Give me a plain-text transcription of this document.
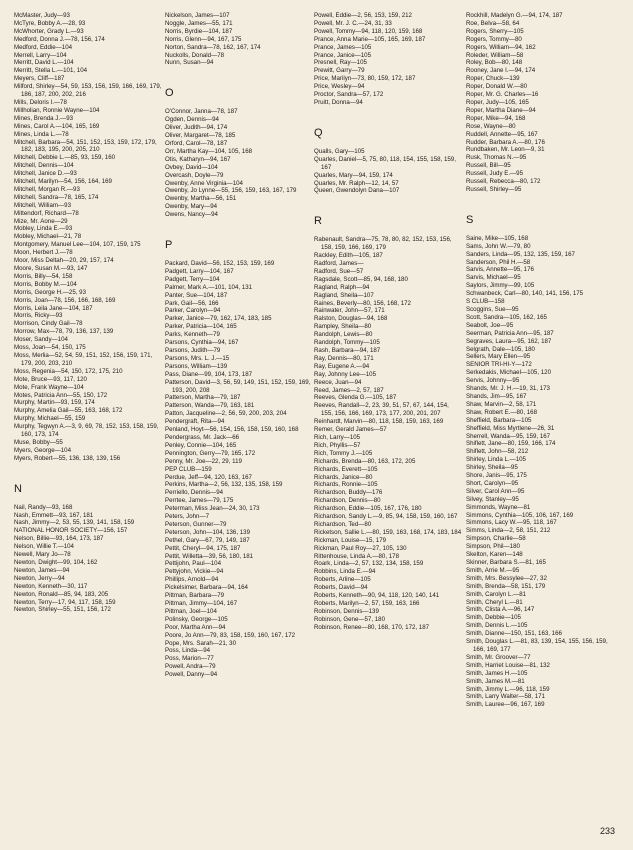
McMaster, Judy—93
McTyre, Bobby A.—28, 93
McWhorter, Grady L.—93
Medford, Donna J.—78, 156, 174
Medford, Eddie—104
Merrell, Larry—104
Merritt, David L.—104
Merritt, Stella L.—101, 104
Meyers, Cliff—187
Milford, Shirley—54, 59, 153, 156, 159, 166, 169, 179, 186, 187, 200, 202, 216
Mills, Deloris I.—78
Millholian, Ronnie Wayne—104
Mines, Brenda J.—93
Mines, Carol A.—104, 165, 169
Mines, Linda L.—78
Mitchell, Barbara—54, 151, 152, 153, 159, 172, 179, 182, 183, 195, 200, 205, 210
Mitchell, Debbie L.—85, 93, 159, 160
Mitchell, Dennis—104
Mitchell, Janice D.—93
Mitchell, Marilyn—54, 156, 164, 169
Mitchell, Morgan R.—93
Mitchell, Sandra—78, 165, 174
Mitchell, William—93
Mittendorf, Richard—78
Mize, Mr. Aone—29
Mobley, Linda E.—93
Mobley, Michael—21, 78
Montgomery, Manuel Lee—104, 107, 159, 175
Moon, Herbert J.—78
Moor, Miss Deltah—20, 29, 157, 174
Moore, Susan M.—93, 147
Morris, Billy—54, 158
Morris, Bobby M.—104
Morris, George H.—25, 93
Morris, Joan—78, 156, 166, 168, 169
Morris, Leila Jane—104, 187
Morris, Ricky—93
Morrison, Cindy Gail—78
Morrow, Max—78, 79, 136, 137, 139
Moser, Sandy—104
Moss, Joan—54, 150, 175
Moss, Merlia—52, 54, 59, 151, 152, 156, 159, 171, 179, 200, 203, 210
Moss, Regenia—54, 150, 172, 175, 210
Mote, Bruce—93, 117, 120
Mote, Frank Wayne—104
Motes, Patricia Ann—55, 150, 172
Murphy, Martin—93, 159, 174
Murphy, Amelia Gail—55, 163, 168, 172
Murphy, Michael—55, 159
Murphy, Tegwyn A.—3, 9, 69, 78, 152, 153, 158, 159, 160, 173, 174
Muse, Bobby—55
Myers, George—104
Myers, Robert—55, 136, 138, 139, 156
N
Nail, Randy—93, 168
Nash, Emmett—93, 167, 181
Nash, Jimmy—2, 53, 55, 139, 141, 158, 159
NATIONAL HONOR SOCIETY—156, 157
Nelson, Billie—93, 164, 173, 187
Nelson, Willie T.—104
Newell, Mary Jo—78
Newton, Dwight—99, 104, 162
Newton, James—94
Newton, Jerry—94
Newton, Kenneth—30, 117
Newton, Ronald—85, 94, 183, 205
Newton, Terry—17, 94, 117, 158, 159
Newton, Shirley—55, 151, 156, 172
Nickelson, James—107
Noggle, James—55, 171
Norris, Byrdie—104, 187
Norris, Glenn—94, 167, 175
Norton, Sandra—78, 162, 167, 174
Nuckolls, Donald—78
Nunn, Susan—94
O
O'Connor, Janna—78, 187
Ogden, Dennis—94
Oliver, Judith—94, 174
Oliver, Margaret—78, 185
Orford, Carol—78, 187
Orr, Martha Kay—104, 105, 168
Otis, Katharyn—94, 167
Ovbey, David—104
Overcash, Doyle—79
Owenby, Anne Virginia—104
Owenby, Jo Lynne—55, 156, 159, 163, 167, 179
Owenby, Martha—56, 151
Owenby, Mary—94
Owens, Nancy—94
P
Packard, David—56, 152, 153, 159, 169
Padgett, Larry—104, 167
Padgett, Terry—104
Palmer, Mark A.—101, 104, 131
Panter, Sue—104, 187
Park, Gail—56, 166
Parker, Carolyn—94
Parker, Janice—79, 162, 174, 183, 185
Parker, Patricia—104, 165
Parks, Kenneth—79
Parsons, Cynthia—94, 167
Parsons, Judith—79
Parsons, Mrs. L. J.—15
Parsons, William—139
Pass, Diane—99, 104, 173, 187
Patterson, David—3, 56, 59, 149, 151, 152, 159, 169, 193, 200, 208
Patterson, Martha—79, 187
Patterson, Wanda—79, 163, 181
Patton, Jacqueline—2, 56, 59, 200, 203, 204
Pendergraft, Rita—94
Penland, Hoyt—56, 154, 156, 158, 159, 160, 168
Pendergrass, Mr. Jack—66
Penley, Connie—104, 165
Pennington, Gerry—79, 165, 172
Penny, Mr. Joe—22, 29, 119
PEP CLUB—159
Perdue, Jeff—94, 120, 163, 167
Perkins, Martha—2, 56, 132, 135, 158, 159
Perriello, Dennis—94
Perrtee, James—79, 175
Peterman, Miss Jean—24, 30, 173
Peters, John—7
Peterson, Gunner—79
Peterson, John—104, 136, 139
Pethel, Gary—67, 79, 149, 187
Pettit, Cheryl—94, 175, 187
Pettit, Willetta—39, 56, 180, 181
Pettijohn, Paul—104
Pettyjohn, Vickie—94
Phillips, Arnold—94
Pickelsimer, Barbara—94, 164
Pittman, Barbara—79
Pittman, Jimmy—104, 167
Pittman, Joel—104
Polinsky, George—105
Poor, Martha Ann—94
Poore, Jo Ann—79, 83, 158, 159, 160, 167, 172
Pope, Mrs. Sarah—21, 30
Poss, Linda—94
Poss, Marion—77
Powell, Andra—79
Powell, Danny—94
Powell, Eddie—2, 56, 153, 159, 212
Powell, Mr. J. C.—24, 31, 33
Powell, Tommy—94, 118, 120, 159, 168
Prance, Anna Marie—105, 165, 169, 187
Prance, James—105
Prance, Janice—105
Presnell, Ray—105
Prewitt, Garry—79
Price, Marilyn—73, 80, 159, 172, 187
Price, Wesley—94
Proctor, Sandra—57, 172
Pruitt, Donna—94
Q
Qualls, Gary—105
Quarles, Daniel—5, 75, 80, 118, 154, 155, 158, 159, 167
Quarles, Mary—94, 159, 174
Quarles, Mr. Ralph—12, 14, 57
Queen, Gwendolyn Dana—107
R
Rabenault, Sandra—75, 78, 80, 82, 152, 153, 156, 158, 159, 166, 169, 179
Rackley, Edith—105, 187
Radford, James—
Radford, Sue—57
Ragsdale, Scott—85, 94, 168, 180
Ragland, Ralph—94
Ragland, Sheila—107
Raines, Beverly—80, 156, 168, 172
Rainwater, John—57, 171
Ralston, Douglas—94, 168
Rampley, Sheila—80
Randolph, Lewis—80
Randolph, Tommy—105
Rash, Barbara—94, 187
Ray, Dennis—80, 171
Ray, Eugene A.—94
Ray, Johnny Lee—105
Reece, Juan—94
Reed, James—2, 57, 187
Reeves, Glenda G.—105, 187
Reeves, Randall—2, 23, 39, 51, 57, 67, 144, 154, 155, 156, 166, 169, 173, 177, 200, 201, 207
Reinhardt, Marvin—80, 118, 158, 159, 163, 169
Remer, Gerald James—57
Rich, Larry—105
Rich, Phyllis—57
Rich, Tommy J.—105
Richards, Brenda—80, 163, 172, 205
Richards, Everett—105
Richards, Janice—80
Richards, Ronnie—105
Richardson, Buddy—176
Richardson, Dennis—80
Richardson, Eddie—105, 167, 176, 180
Richardson, Sandy L.—9, 85, 94, 158, 159, 160, 167
Richardson, Ted—80
Ricketson, Sallie L.—80, 159, 163, 168, 174, 183, 184
Rickman, Louise—15, 179
Rickman, Paul Roy—27, 105, 130
Rittenhouse, Linda A.—80, 178
Roark, Linda—2, 57, 132, 134, 158, 159
Robbins, Linda E.—94
Roberts, Arline—105
Roberts, David—94
Roberts, Kenneth—90, 94, 118, 120, 140, 141
Roberts, Marilyn—2, 57, 159, 163, 166
Robinson, Dennis—139
Robinson, Gene—57, 180
Robinson, Renee—80, 168, 170, 172, 187
Rockhill, Madelyn G.—94, 174, 187
Roe, Belva—58, 64
Rogers, Sherry—105
Rogers, Tommy—80
Rogers, William—94, 162
Roleder, William—58
Roley, Bob—80, 148
Rooney, Jane I.—94, 174
Roper, Chuck—139
Roper, Donald W.—80
Roper, Mr. G. Charles—16
Roper, Judy—105, 165
Roper, Martha Diane—94
Roper, Mike—94, 168
Rose, Wayne—80
Ruddell, Annette—95, 167
Rudder, Barbara A.—80, 176
Rundbaken, Mr. Leon—9, 31
Rusk, Thomas N.—95
Russell, Bill—95
Russell, Judy E.—95
Russell, Rebecca—80, 172
Russell, Shirley—95
S
Saine, Mike—105, 168
Sams, John W.—79, 80
Sanders, Linda—95, 132, 135, 159, 167
Sanderson, Phil H.—58
Sarvis, Annette—95, 176
Sarvis, Michael—95
Saylors, Jimmy—99, 105
Schwanbeck, Carl—80, 140, 141, 156, 175
S CLUB—158
Scoggins, Sue—95
Scott, Sandra—105, 162, 165
Seabolt, Joe—95
Seerman, Patricia Ann—95, 187
Segraves, Laura—95, 162, 187
Selgrath, Dale—105, 180
Sellers, Mary Ellen—95
SENIOR TRI-HI-Y—172
Serkedakis, Michael—105, 120
Servis, Johnny—95
Shands, Mr. J. H.—19, 31, 173
Shands, Jim—95, 167
Shaw, Marvin—2, 58, 171
Shaw, Robert E.—80, 168
Sheffield, Barbara—105
Sheffield, Miss Myrtlene—26, 31
Sherrell, Wanda—95, 159, 167
Shiflett, Jane—80, 159, 166, 174
Shiflett, John—58, 212
Shirley, Linda L.—105
Shirley, Sheila—95
Shore, Janis—95, 175
Short, Carolyn—95
Silver, Carol Ann—95
Silvey, Stanley—95
Simmonds, Wayne—81
Simmons, Cynthia—105, 106, 167, 169
Simmons, Lacy W.—95, 118, 167
Simms, Linda—2, 58, 151, 212
Simpson, Charlie—58
Simpson, Phil—180
Skelton, Karen—148
Skinner, Barbara S.—81, 165
Smith, Arrie M.—95
Smith, Mrs. Bessylee—27, 32
Smith, Brenda—58, 151, 179
Smith, Carolyn L.—81
Smith, Cheryl L.—81
Smith, Clista A.—96, 147
Smith, Debbie—105
Smith, Dennis L.—105
Smith, Dianne—150, 151, 163, 166
Smith, Douglas L.—81, 83, 139, 154, 155, 156, 159, 166, 169, 177
Smith, Mr. Groover—77
Smith, Harriet Louise—81, 132
Smith, James H.—105
Smith, James M.—81
Smith, Jimmy L.—96, 118, 159
Smith, Larry Walter—58, 171
Smith, Lauree—96, 167, 169
233
